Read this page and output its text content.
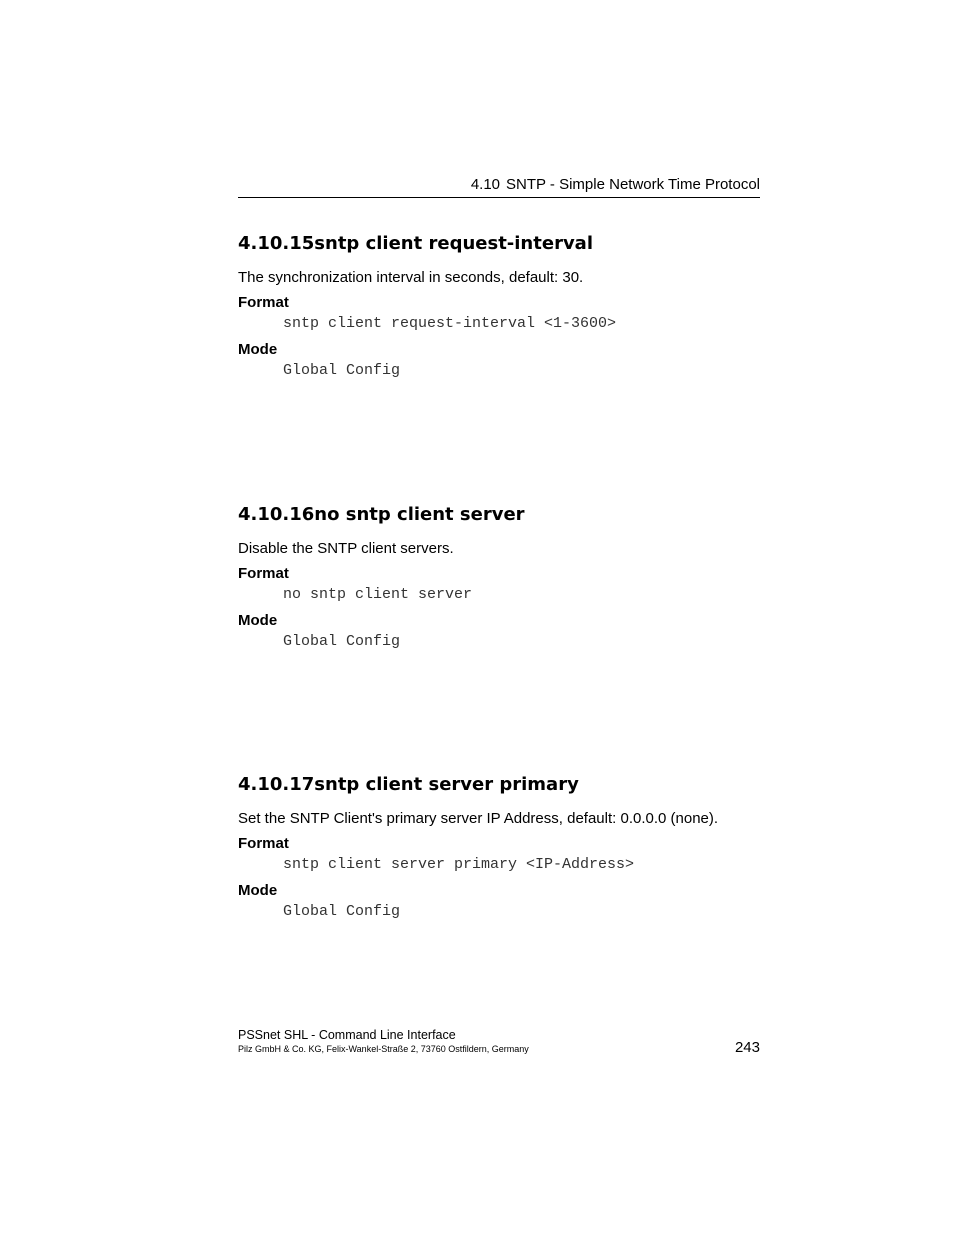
4.10 SNTP - Simple Network Time Protocol
4.10.15sntp client request-interval
The synchronization interval in seconds, default: 30.
Format
sntp client request-interval <1-3600>
Mode
Global Config
4.10.16no sntp client server
Disable the SNTP client servers.
Format
no sntp client server
Mode
Global Config
4.10.17sntp client server primary
Set the SNTP Client's primary server IP Address, default: 0.0.0.0 (none).
Format
sntp client server primary <IP-Address>
Mode
Global Config
PSSnet SHL - Command Line Interface
Pilz GmbH & Co. KG, Felix-Wankel-Straße 2, 73760 Ostfildern, Germany	243
